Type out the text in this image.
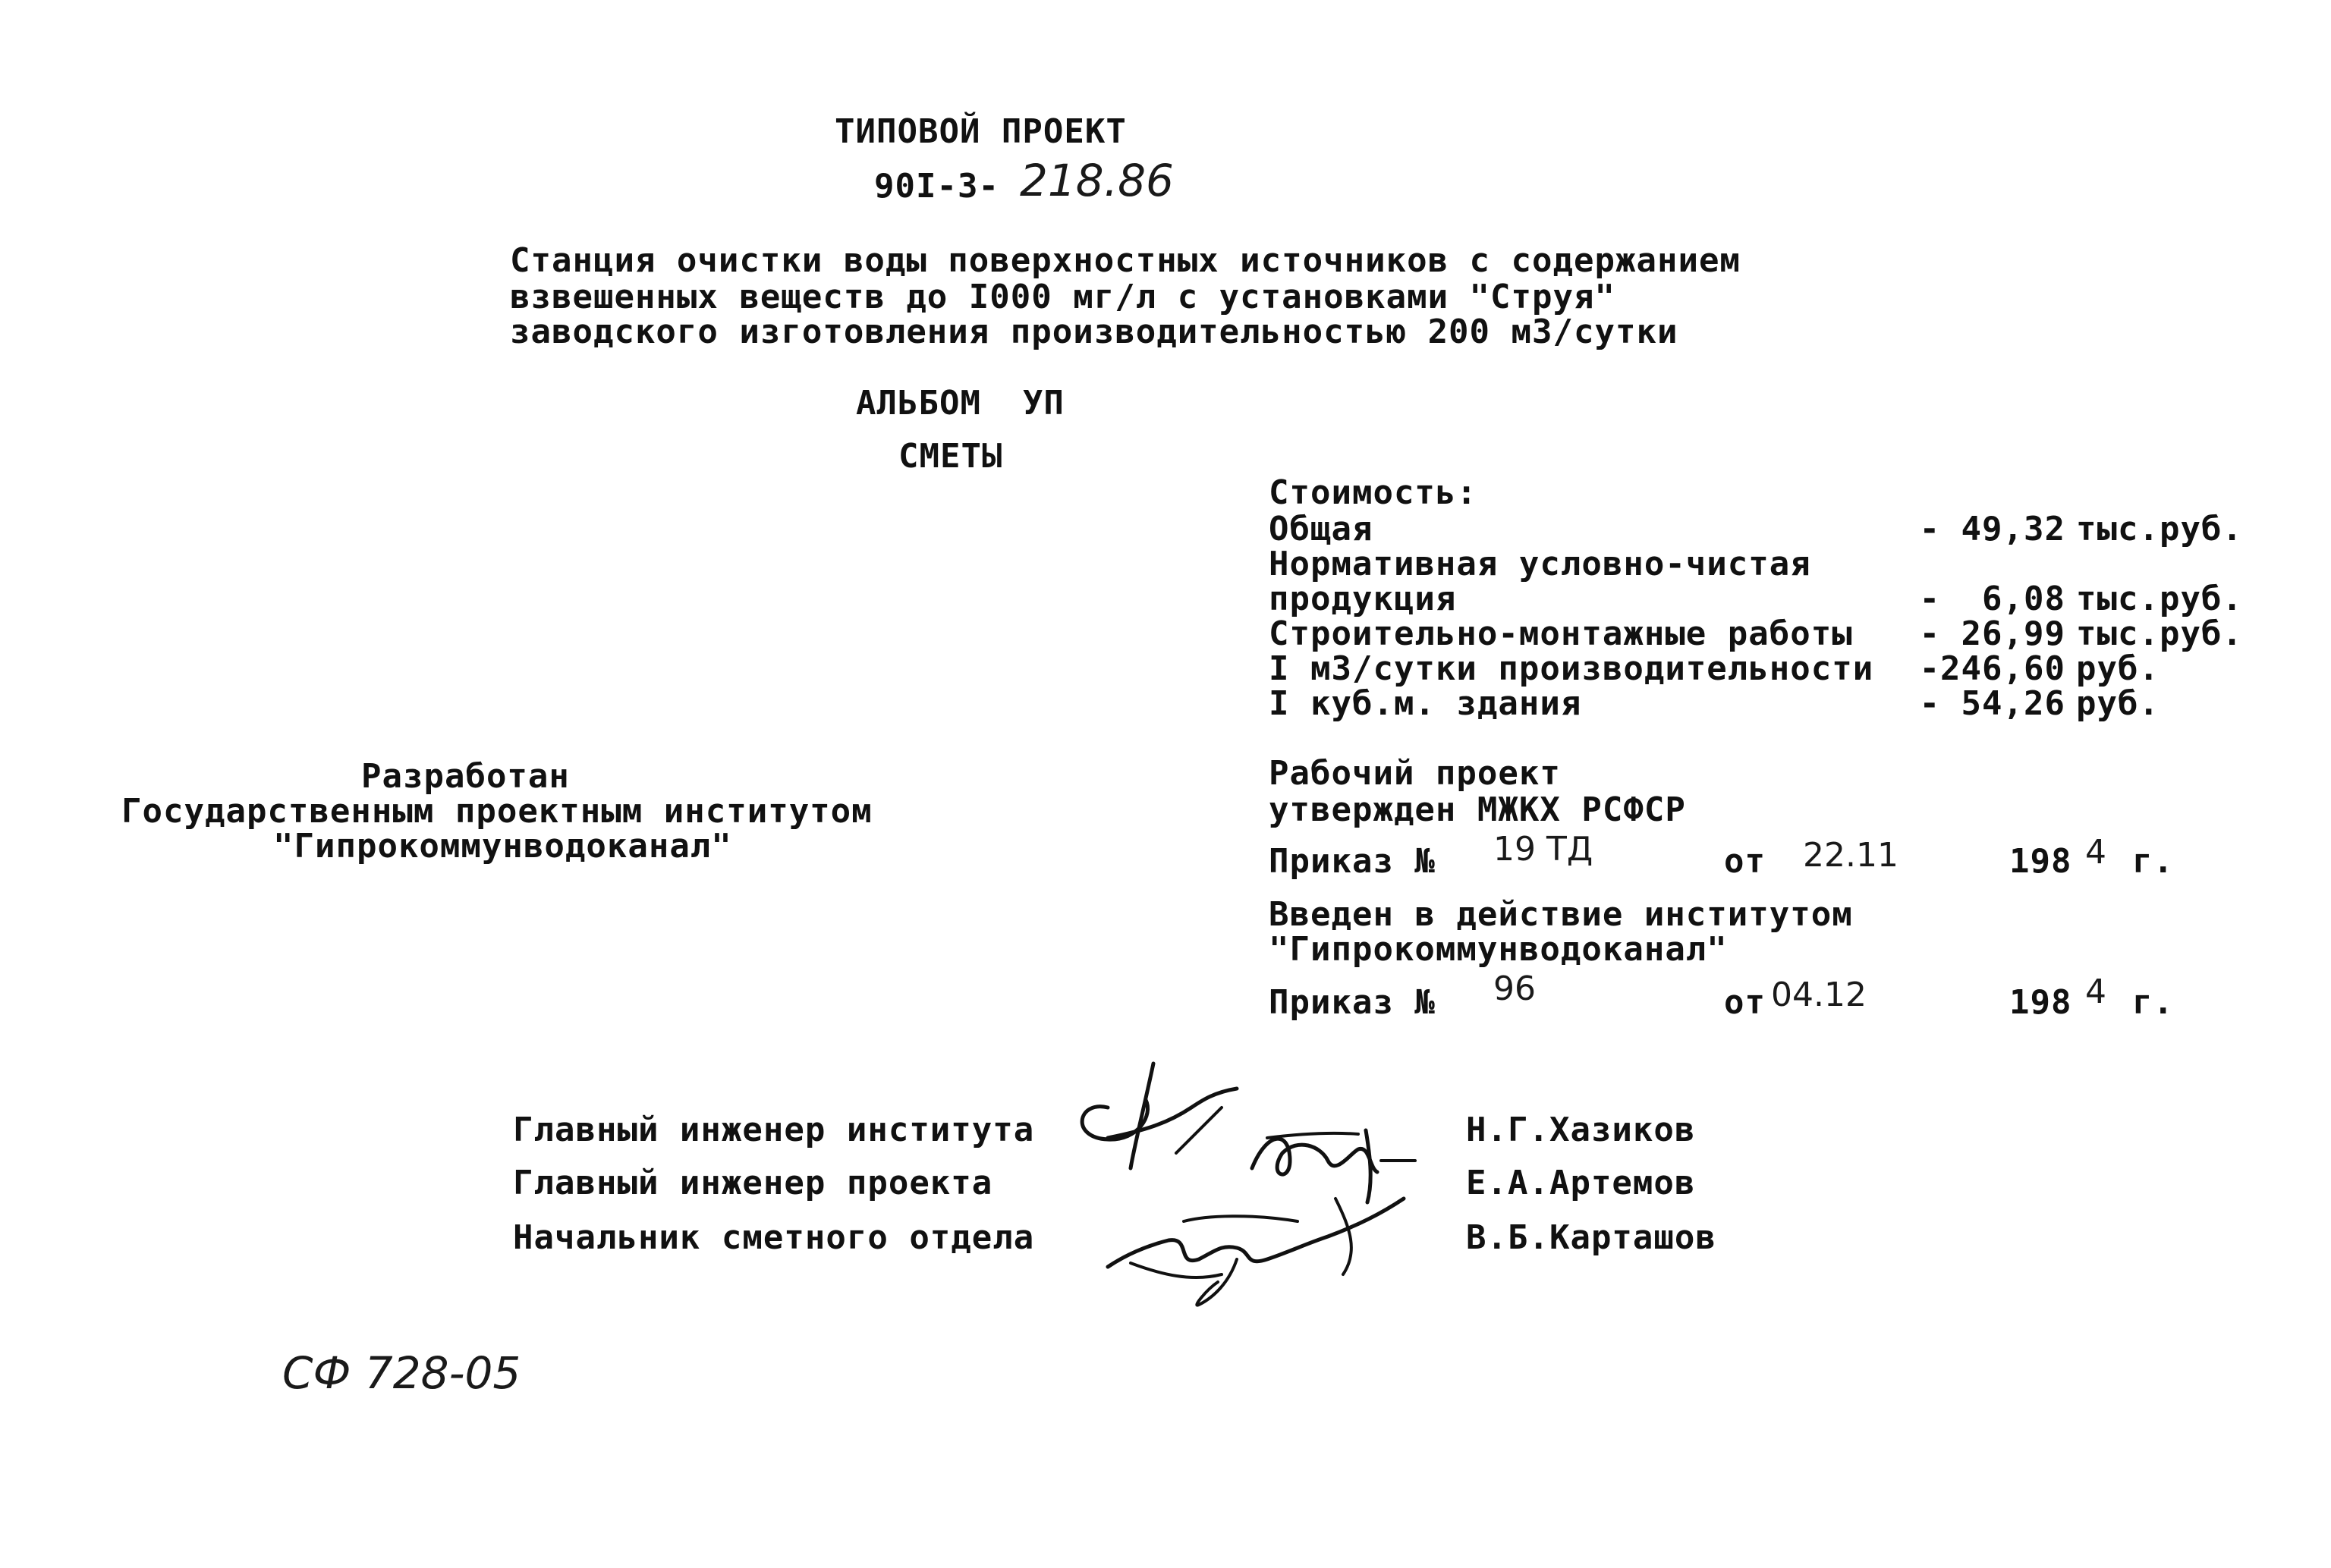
ТИПОВОЙ ПРОЕКТ
90I-3- 218.86
Станция очистки воды поверхностных источников с содержанием
взвешенных веществ до I000 мг/л с установками "Струя"
заводского изготовления производительностью 200 м3/сутки
АЛЬБОМ  УП
СМЕТЫ
Стоимость:
Общая	- 49,32 тыс.руб.
Нормативная условно-чистая
продукция	-  6,08 тыс.руб.
Строительно-монтажные работы - 26,99 тыс.руб.
I м3/сутки производительности -246,60 руб.
I куб.м. здания	- 54,26 руб.
Разработан
Государственным проектным институтом
"Гипрокоммунводоканал"
Рабочий проект
утвержден МЖКХ РСФСР
Приказ № 19 ТД	от 22.11	198 4 г.
Введен в действие институтом
"Гипрокоммунводоканал"
Приказ № 96	от 04.12	198 4 г.
Главный инженер института	Н.Г.Хазиков
Главный инженер проекта	Е.А.Артемов
Начальник сметного отдела	В.Б.Карташов
СФ 728-05
